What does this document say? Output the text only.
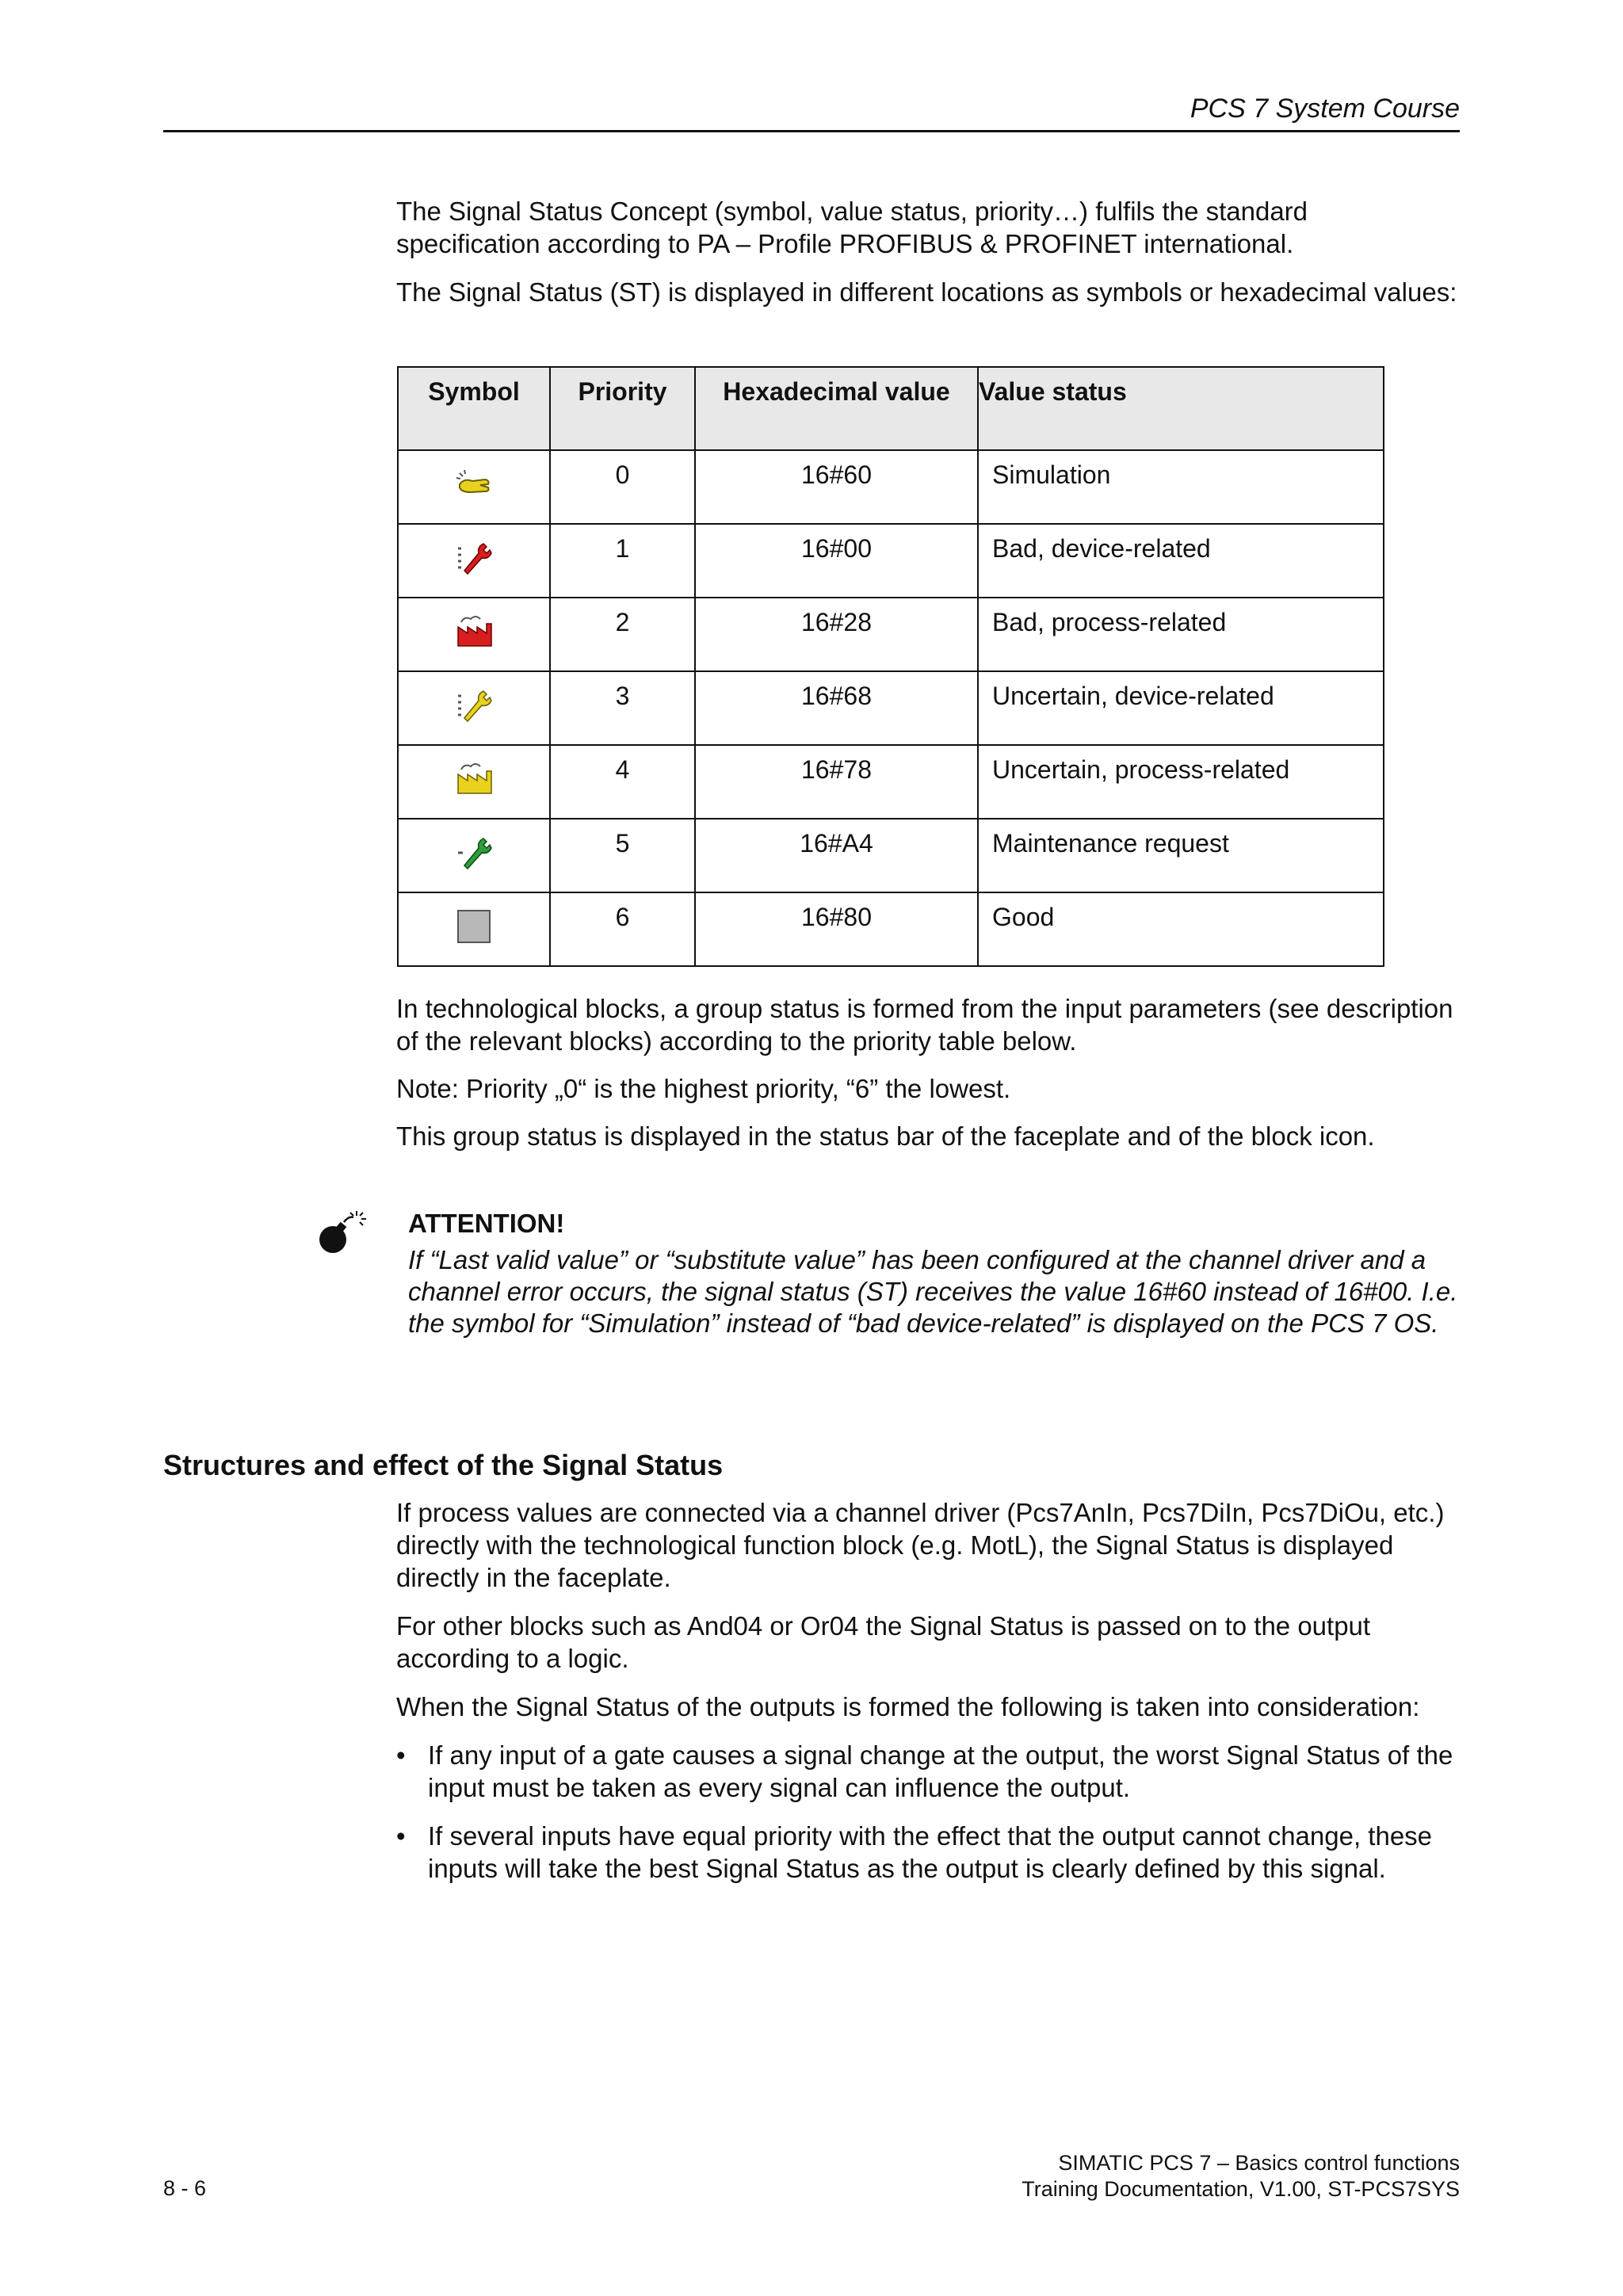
PCS 7 System Course

The Signal Status Concept (symbol, value status, priority…) fulfils the standard specification according to PA – Profile PROFIBUS & PROFINET international.

The Signal Status (ST) is displayed in different locations as symbols or hexadecimal values:

Symbol	Priority	Hexadecimal value	Value status
	0	16#60	Simulation
	1	16#00	Bad, device-related
	2	16#28	Bad, process-related
	3	16#68	Uncertain, device-related
	4	16#78	Uncertain, process-related
	5	16#A4	Maintenance request
	6	16#80	Good

In technological blocks, a group status is formed from the input parameters (see description of the relevant blocks) according to the priority table below.

Note: Priority „0“ is the highest priority, “6” the lowest.

This group status is displayed in the status bar of the faceplate and of the block icon.

ATTENTION!

If “Last valid value” or “substitute value” has been configured at the channel driver and a channel error occurs, the signal status (ST) receives the value 16#60 instead of 16#00. I.e. the symbol for “Simulation” instead of “bad device-related” is displayed on the PCS 7 OS.

Structures and effect of the Signal Status

If process values are connected via a channel driver (Pcs7AnIn, Pcs7DiIn, Pcs7DiOu, etc.) directly with the technological function block (e.g. MotL), the Signal Status is displayed directly in the faceplate.

For other blocks such as And04 or Or04 the Signal Status is passed on to the output according to a logic.

When the Signal Status of the outputs is formed the following is taken into consideration:

• If any input of a gate causes a signal change at the output, the worst Signal Status of the input must be taken as every signal can influence the output.
• If several inputs have equal priority with the effect that the output cannot change, these inputs will take the best Signal Status as the output is clearly defined by this signal.
8 - 6
SIMATIC PCS 7 – Basics control functions
Training Documentation, V1.00, ST-PCS7SYS
